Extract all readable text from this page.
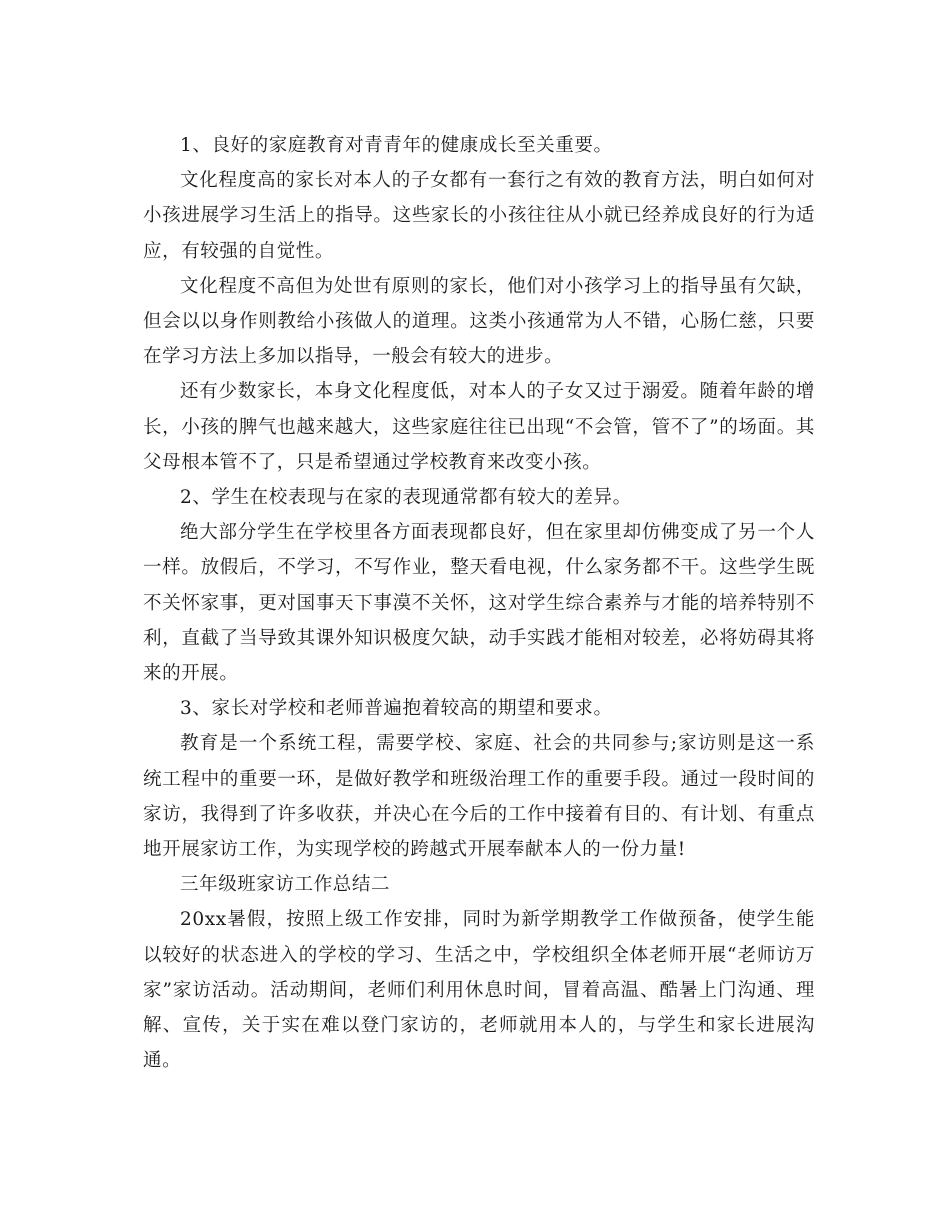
1、良好的家庭教育对青青年的健康成长至关重要。

文化程度高的家长对本人的子女都有一套行之有效的教育方法，明白如何对小孩进展学习生活上的指导。这些家长的小孩往往从小就已经养成良好的行为适应，有较强的自觉性。

文化程度不高但为处世有原则的家长，他们对小孩学习上的指导虽有欠缺，但会以以身作则教给小孩做人的道理。这类小孩通常为人不错，心肠仁慈，只要在学习方法上多加以指导，一般会有较大的进步。

还有少数家长，本身文化程度低，对本人的子女又过于溺爱。随着年龄的增长，小孩的脾气也越来越大，这些家庭往往已出现“不会管，管不了”的场面。其父母根本管不了，只是希望通过学校教育来改变小孩。

2、学生在校表现与在家的表现通常都有较大的差异。

绝大部分学生在学校里各方面表现都良好，但在家里却仿佛变成了另一个人一样。放假后，不学习，不写作业，整天看电视，什么家务都不干。这些学生既不关怀家事，更对国事天下事漠不关怀，这对学生综合素养与才能的培养特别不利，直截了当导致其课外知识极度欠缺，动手实践才能相对较差，必将妨碍其将来的开展。

3、家长对学校和老师普遍抱着较高的期望和要求。

教育是一个系统工程，需要学校、家庭、社会的共同参与;家访则是这一系统工程中的重要一环，是做好教学和班级治理工作的重要手段。通过一段时间的家访，我得到了许多收获，并决心在今后的工作中接着有目的、有计划、有重点地开展家访工作，为实现学校的跨越式开展奉献本人的一份力量!

三年级班家访工作总结二

20xx暑假，按照上级工作安排，同时为新学期教学工作做预备，使学生能以较好的状态进入的学校的学习、生活之中，学校组织全体老师开展“老师访万家”家访活动。活动期间，老师们利用休息时间，冒着高温、酷暑上门沟通、理解、宣传，关于实在难以登门家访的，老师就用本人的，与学生和家长进展沟通。
